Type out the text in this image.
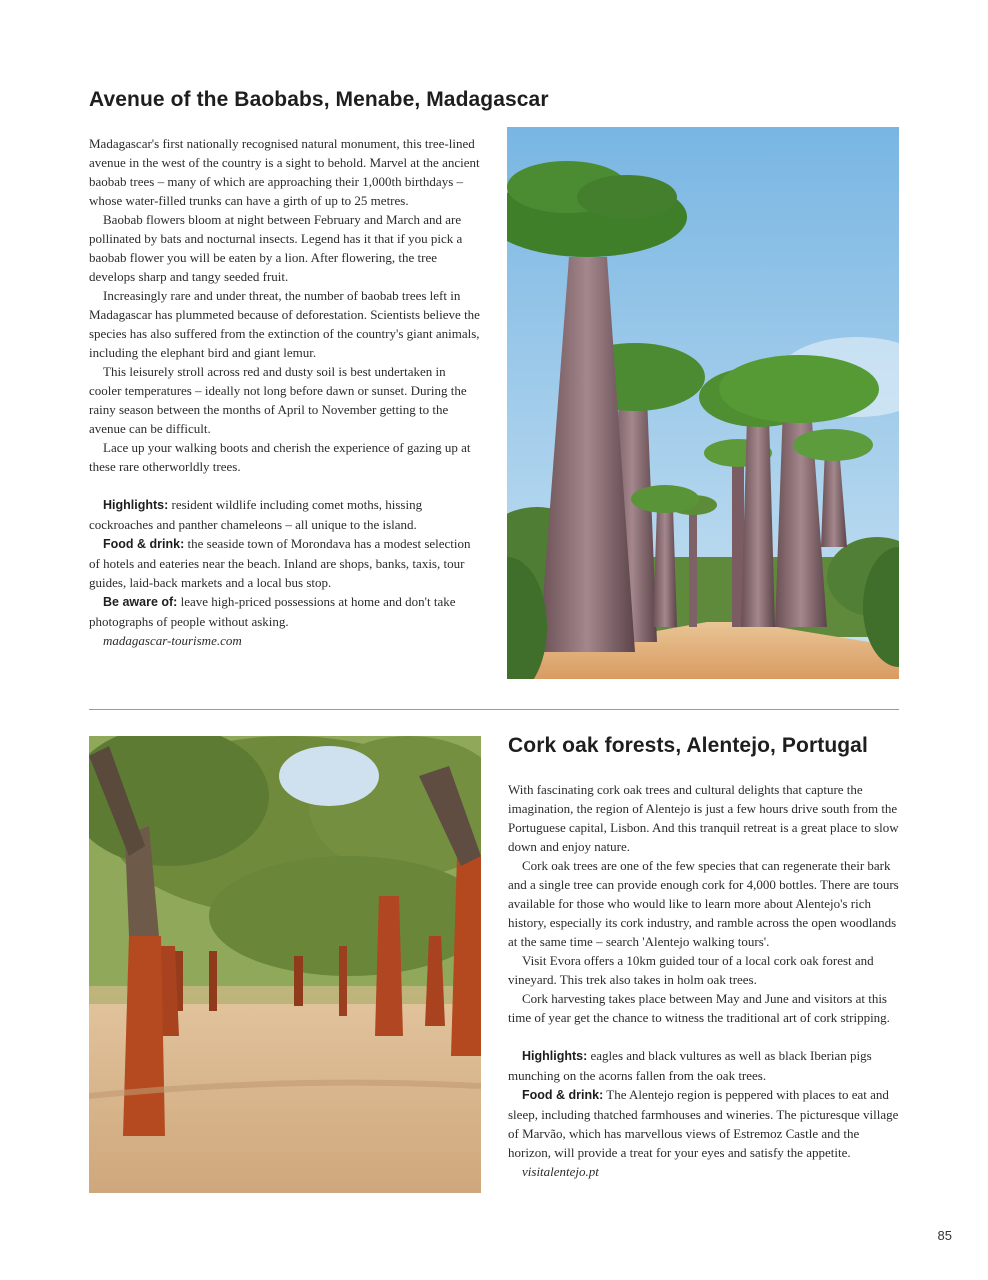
Avenue of the Baobabs, Menabe, Madagascar

Madagascar's first nationally recognised natural monument, this tree-lined avenue in the west of the country is a sight to behold. Marvel at the ancient baobab trees – many of which are approaching their 1,000th birthdays – whose water-filled trunks can have a girth of up to 25 metres.

Baobab flowers bloom at night between February and March and are pollinated by bats and nocturnal insects. Legend has it that if you pick a baobab flower you will be eaten by a lion. After flowering, the tree develops sharp and tangy seeded fruit.

Increasingly rare and under threat, the number of baobab trees left in Madagascar has plummeted because of deforestation. Scientists believe the species has also suffered from the extinction of the country's giant animals, including the elephant bird and giant lemur.

This leisurely stroll across red and dusty soil is best undertaken in cooler temperatures – ideally not long before dawn or sunset. During the rainy season between the months of April to November getting to the avenue can be difficult.

Lace up your walking boots and cherish the experience of gazing up at these rare otherworldly trees.

Highlights: resident wildlife including comet moths, hissing cockroaches and panther chameleons – all unique to the island.

Food & drink: the seaside town of Morondava has a modest selection of hotels and eateries near the beach. Inland are shops, banks, taxis, tour guides, laid-back markets and a local bus stop.

Be aware of: leave high-priced possessions at home and don't take photographs of people without asking.

madagascar-tourisme.com

Cork oak forests, Alentejo, Portugal

With fascinating cork oak trees and cultural delights that capture the imagination, the region of Alentejo is just a few hours drive south from the Portuguese capital, Lisbon. And this tranquil retreat is a great place to slow down and enjoy nature.

Cork oak trees are one of the few species that can regenerate their bark and a single tree can provide enough cork for 4,000 bottles. There are tours available for those who would like to learn more about Alentejo's rich history, especially its cork industry, and ramble across the open woodlands at the same time – search 'Alentejo walking tours'.

Visit Evora offers a 10km guided tour of a local cork oak forest and vineyard. This trek also takes in holm oak trees.

Cork harvesting takes place between May and June and visitors at this time of year get the chance to witness the traditional art of cork stripping.

Highlights: eagles and black vultures as well as black Iberian pigs munching on the acorns fallen from the oak trees.

Food & drink: The Alentejo region is peppered with places to eat and sleep, including thatched farmhouses and wineries. The picturesque village of Marvão, which has marvellous views of Estremoz Castle and the horizon, will provide a treat for your eyes and satisfy the appetite.

visitalentejo.pt

85
